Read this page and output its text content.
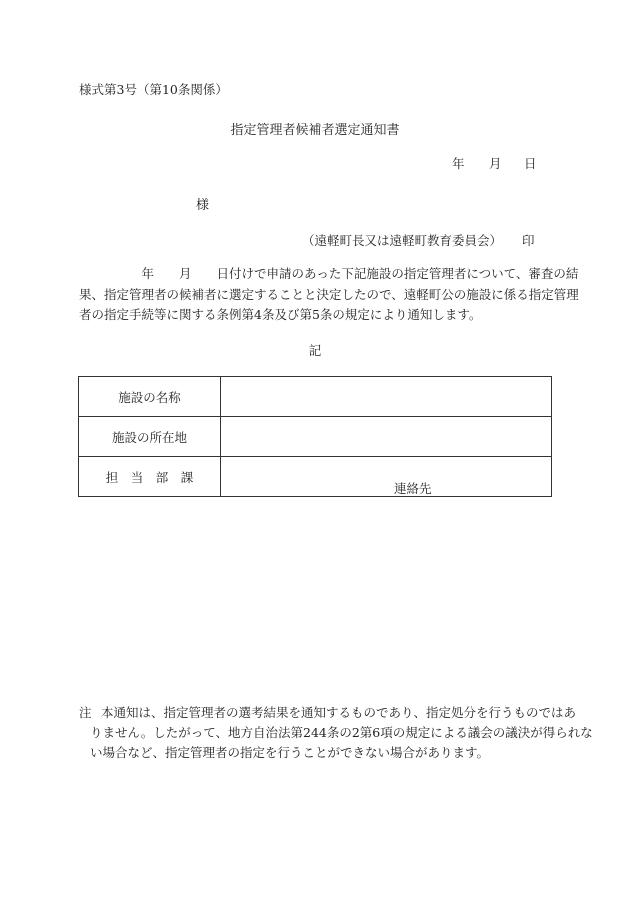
様式第3号（第10条関係）
指定管理者候補者選定通知書
年 月 日
様
（遠軽町長又は遠軽町教育委員会） 印
　　　　　年　　月　　日付けで申請のあった下記施設の指定管理者について、審査の結
果、指定管理者の候補者に選定することと決定したので、遠軽町公の施設に係る指定管理
者の指定手続等に関する条例第4条及び第5条の規定により通知します。
記
施設の名称	
施設の所在地	
担　当　部　課	連絡先
注 本通知は、指定管理者の選考結果を通知するものであり、指定処分を行うものではあ
りません。したがって、地方自治法第244条の2第6項の規定による議会の議決が得られな
い場合など、指定管理者の指定を行うことができない場合があります。
